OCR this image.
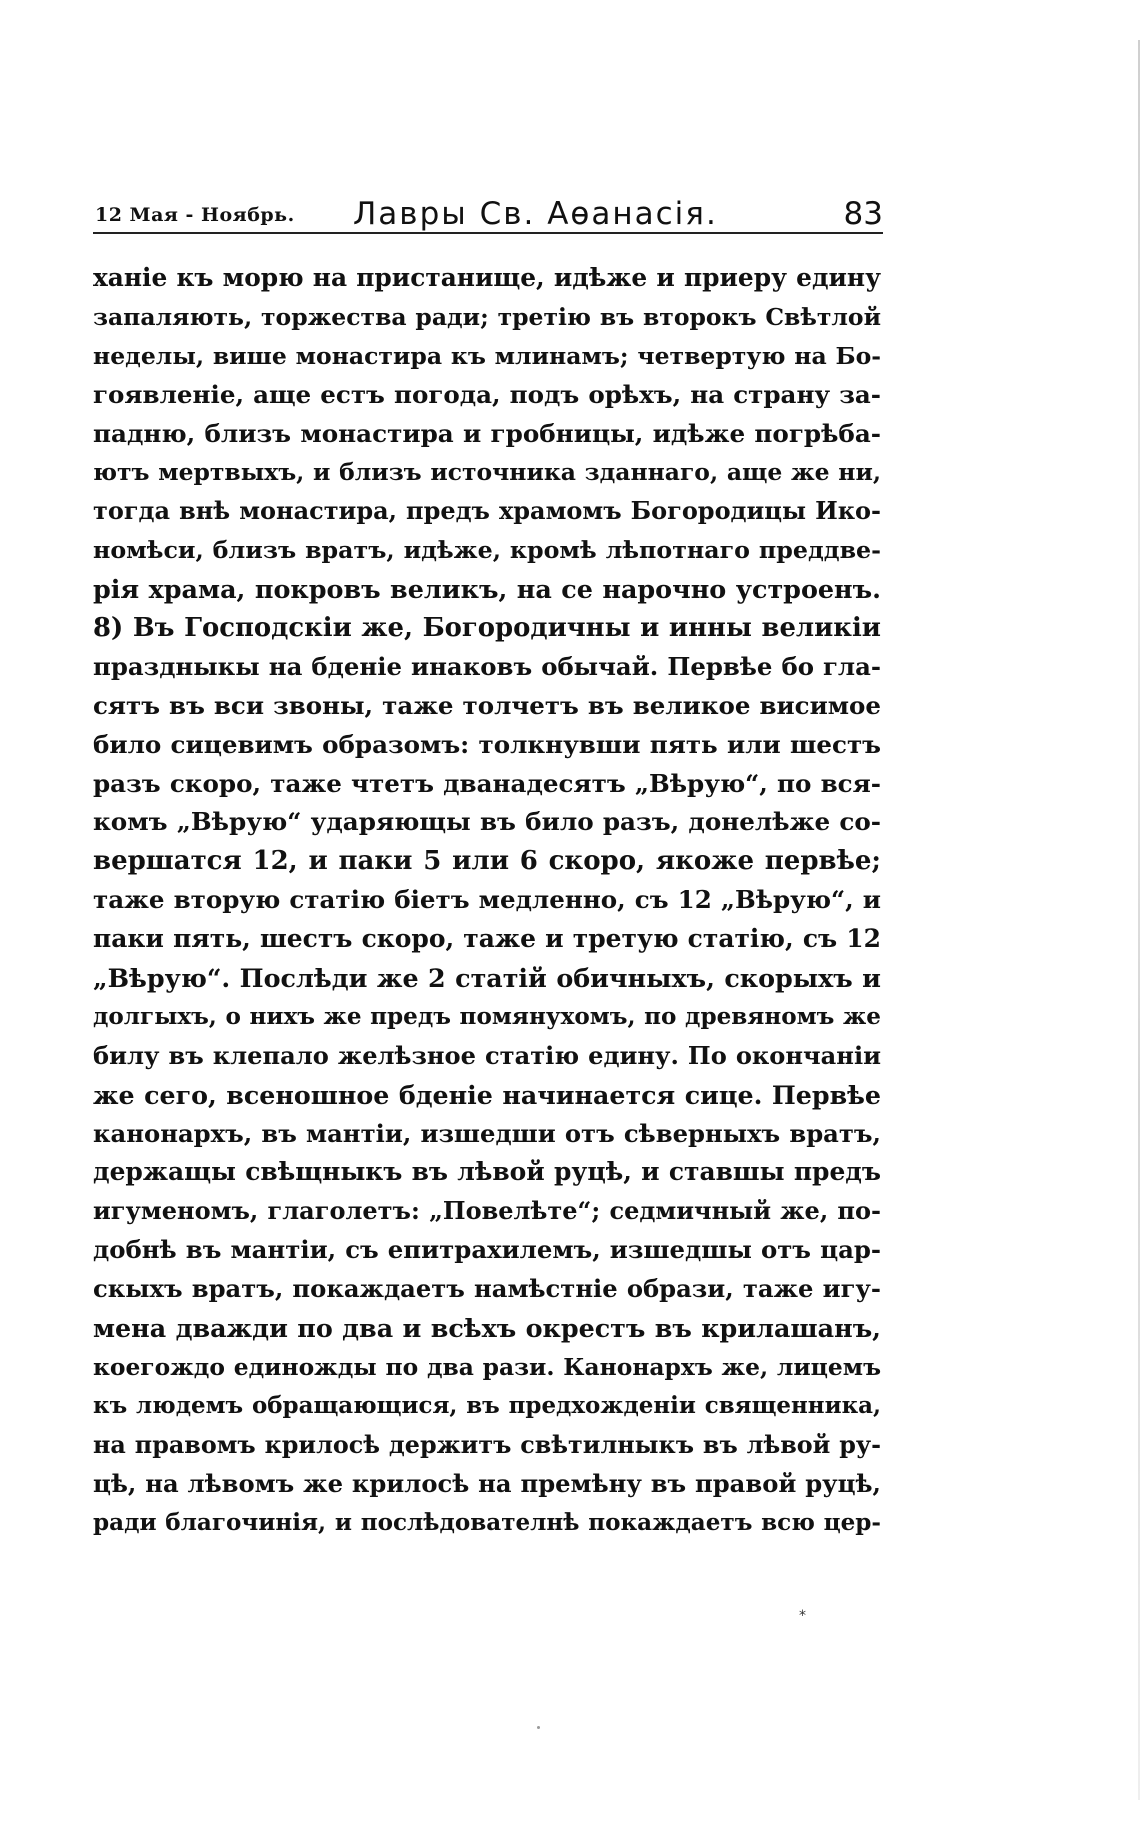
12 Мая - Ноябрь. Лавры Св. Аѳанасія.	83
ханіе къ морю на пристанище, идѣже и приеру едину
запаляють, торжества ради; третію въ второкъ Свѣтлой
неделы, више монастира къ млинамъ; четвертую на Бо-
гоявленіе, аще естъ погода, подъ орѣхъ, на страну за-
падню, близъ монастира и гробницы, идѣже погрѣба-
ютъ мертвыхъ, и близъ источника зданнаго, аще же ни,
тогда внѣ монастира, предъ храмомъ Богородицы Ико-
номѣси, близъ вратъ, идѣже, кромѣ лѣпотнаго преддве-
рія храма, покровъ великъ, на се нарочно устроенъ.
8) Въ Господскіи же, Богородичны и инны великіи
праздныкы на бденіе инаковъ обычай. Первѣе бо гла-
сятъ въ вси звоны, таже толчетъ въ великое висимое
било сицевимъ образомъ: толкнувши пять или шестъ
разъ скоро, таже чтетъ дванадесятъ „Вѣрую“, по вся-
комъ „Вѣрую“ ударяющы въ било разъ, донелѣже со-
вершатся 12, и паки 5 или 6 скоро, якоже первѣе;
таже вторую статію біетъ медленно, съ 12 „Вѣрую“, и
паки пять, шестъ скоро, таже и третую статію, съ 12
„Вѣрую“. Послѣди же 2 статій обичныхъ, скорыхъ и
долгыхъ, о нихъ же предъ помянухомъ, по древяномъ же
билу въ клепало желѣзное статію едину. По окончаніи
же сего, всеношное бденіе начинается сице. Первѣе
канонархъ, въ мантіи, изшедши отъ сѣверныхъ вратъ,
держащы свѣщныкъ въ лѣвой руцѣ, и ставшы предъ
игуменомъ, глаголетъ: „Повелѣте“; седмичный же, по-
добнѣ въ мантіи, съ епитрахилемъ, изшедшы отъ цар-
скыхъ вратъ, покаждаетъ намѣстніе образи, таже игу-
мена дважди по два и всѣхъ окрестъ въ крилашанъ,
коегождо единожды по два рази. Канонархъ же, лицемъ
къ людемъ обращающися, въ предхожденіи священника,
на правомъ крилосѣ держитъ свѣтилныкъ въ лѣвой ру-
цѣ, на лѣвомъ же крилосѣ на премѣну въ правой руцѣ,
ради благочинія, и послѣдователнѣ покаждаетъ всю цер-
*
